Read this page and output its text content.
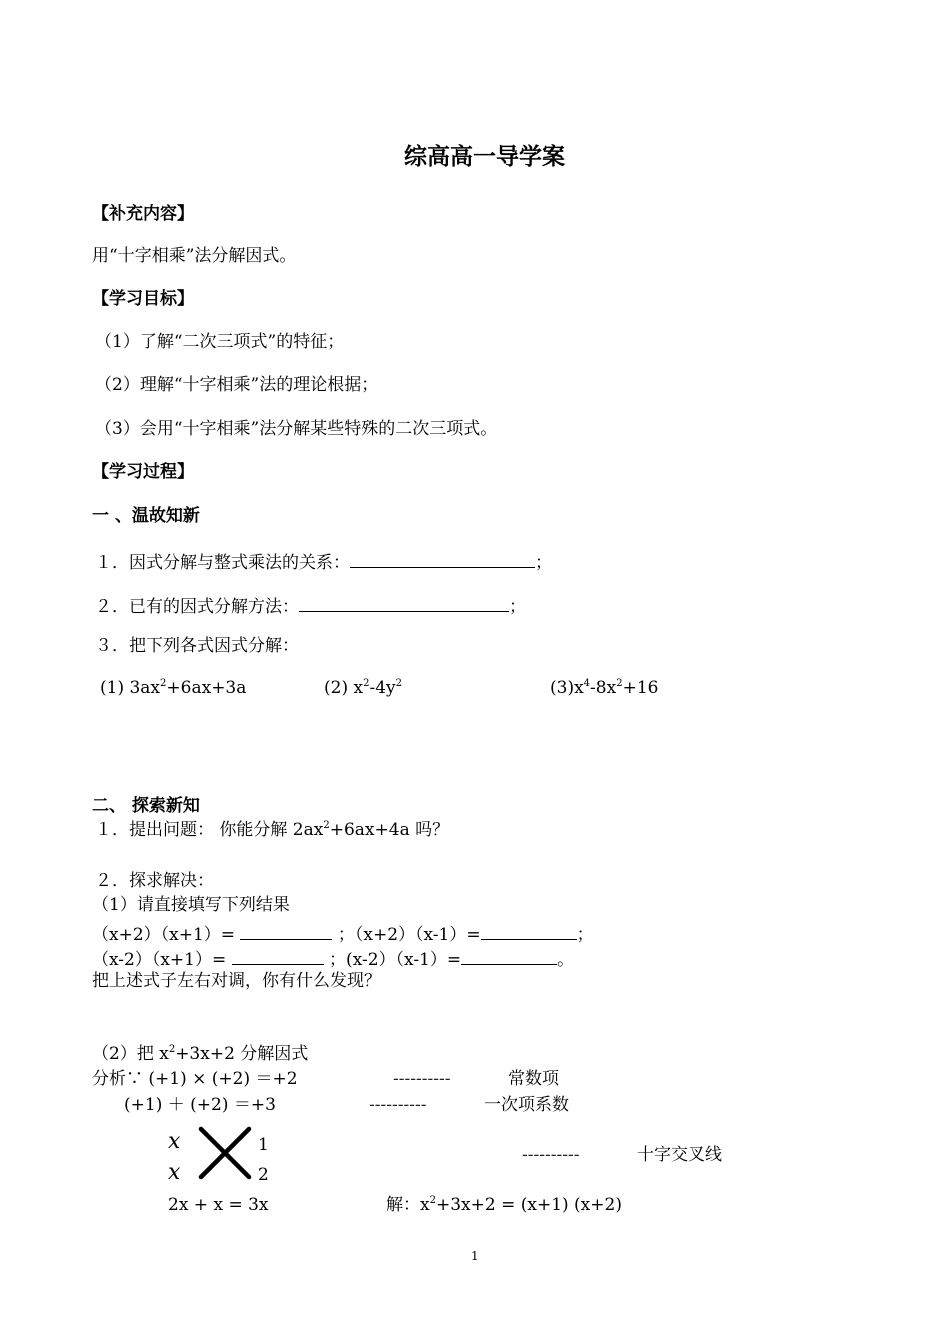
综高高一导学案
【补充内容】
用“十字相乘”法分解因式。
【学习目标】
（1）了解“二次三项式”的特征；
（2）理解“十字相乘”法的理论根据；
（3）会用“十字相乘”法分解某些特殊的二次三项式。
【学习过程】
一 、温故知新
１．因式分解与整式乘法的关系：	；
２．已有的因式分解方法：	；
３．把下列各式因式分解：
(1) $3ax^2+6ax+3a$	(2) $x^2-4y^2$	$(3)x^4-8x^2+16$
二、 探索新知
１．提出问题： 你能分解 $2ax^2+6ax+4a$ 吗？
２．探求解决：
（1）请直接填写下列结果
（x+2）（x+1）=	；（x+2）（x-1）=	；
（x-2）（x+1）=	；(x-2）（x-1）=	。
把上述式子左右对调，你有什么发现？
（2）把 $x^2+3x+2$ 分解因式
分析∵ (+1) × (+2) ＝+2	----------	常数项
(+1) ＋ (+2) ＝+3	----------	一次项系数
x
x
1
2
----------	十字交叉线
2x + x = 3x	解：$x^2+3x+2 = (x+1)$ (x+2)
1
